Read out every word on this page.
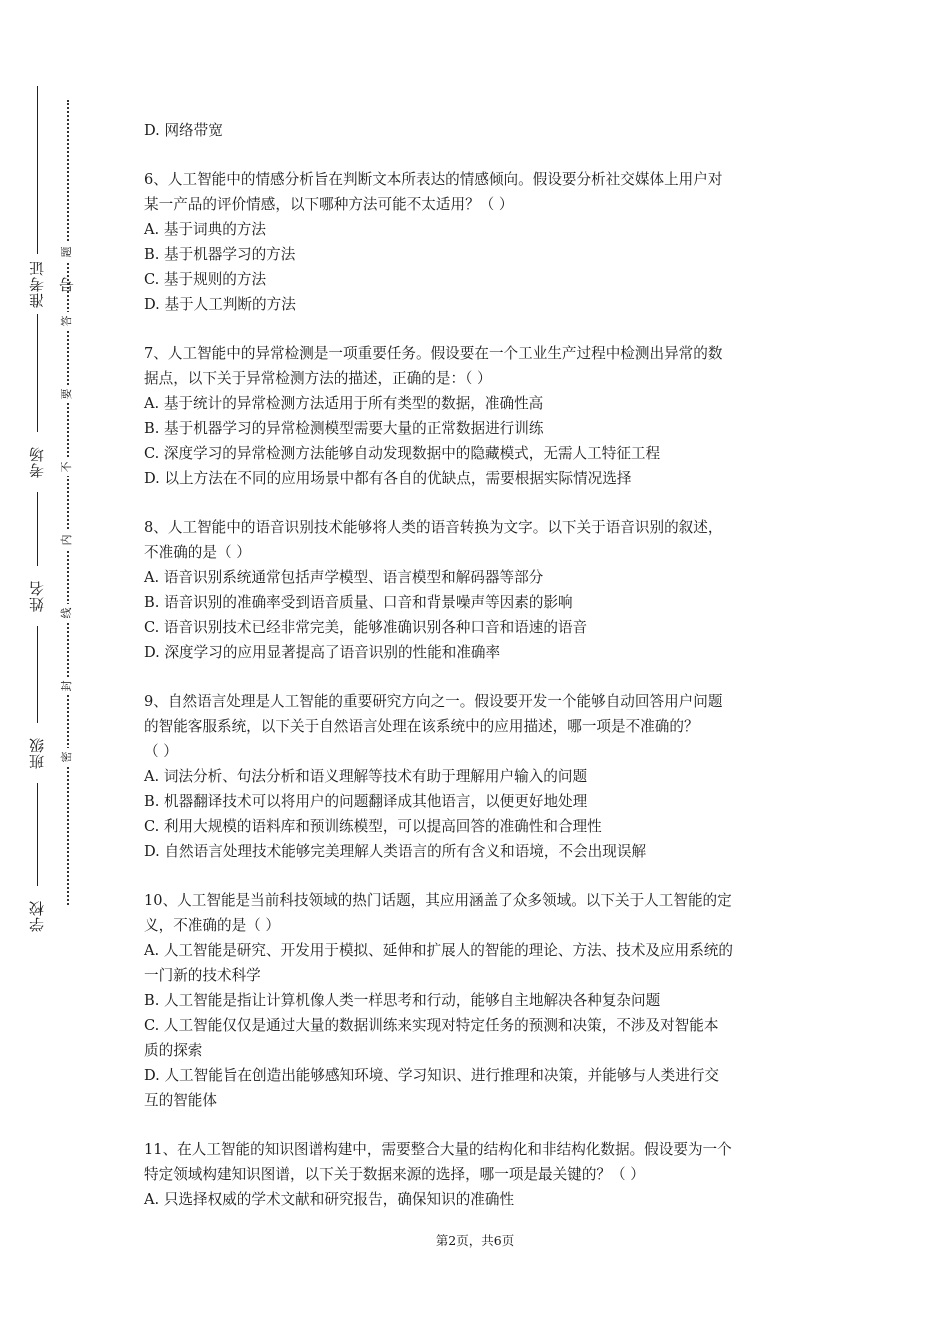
准考证号
考场
姓名
班级
学校
题
答
要
不
内
线
封
密
D. 网络带宽
6、人工智能中的情感分析旨在判断文本所表达的情感倾向。假设要分析社交媒体上用户对
某一产品的评价情感，以下哪种方法可能不太适用？（ ）
A. 基于词典的方法
B. 基于机器学习的方法
C. 基于规则的方法
D. 基于人工判断的方法
7、人工智能中的异常检测是一项重要任务。假设要在一个工业生产过程中检测出异常的数
据点，以下关于异常检测方法的描述，正确的是：（ ）
A. 基于统计的异常检测方法适用于所有类型的数据，准确性高
B. 基于机器学习的异常检测模型需要大量的正常数据进行训练
C. 深度学习的异常检测方法能够自动发现数据中的隐藏模式，无需人工特征工程
D. 以上方法在不同的应用场景中都有各自的优缺点，需要根据实际情况选择
8、人工智能中的语音识别技术能够将人类的语音转换为文字。以下关于语音识别的叙述，
不准确的是（ ）
A. 语音识别系统通常包括声学模型、语言模型和解码器等部分
B. 语音识别的准确率受到语音质量、口音和背景噪声等因素的影响
C. 语音识别技术已经非常完美，能够准确识别各种口音和语速的语音
D. 深度学习的应用显著提高了语音识别的性能和准确率
9、自然语言处理是人工智能的重要研究方向之一。假设要开发一个能够自动回答用户问题
的智能客服系统，以下关于自然语言处理在该系统中的应用描述，哪一项是不准确的？
（ ）
A. 词法分析、句法分析和语义理解等技术有助于理解用户输入的问题
B. 机器翻译技术可以将用户的问题翻译成其他语言，以便更好地处理
C. 利用大规模的语料库和预训练模型，可以提高回答的准确性和合理性
D. 自然语言处理技术能够完美理解人类语言的所有含义和语境，不会出现误解
10、人工智能是当前科技领域的热门话题，其应用涵盖了众多领域。以下关于人工智能的定
义，不准确的是（ ）
A. 人工智能是研究、开发用于模拟、延伸和扩展人的智能的理论、方法、技术及应用系统的
一门新的技术科学
B. 人工智能是指让计算机像人类一样思考和行动，能够自主地解决各种复杂问题
C. 人工智能仅仅是通过大量的数据训练来实现对特定任务的预测和决策，不涉及对智能本
质的探索
D. 人工智能旨在创造出能够感知环境、学习知识、进行推理和决策，并能够与人类进行交
互的智能体
11、在人工智能的知识图谱构建中，需要整合大量的结构化和非结构化数据。假设要为一个
特定领域构建知识图谱，以下关于数据来源的选择，哪一项是最关键的？（ ）
A. 只选择权威的学术文献和研究报告，确保知识的准确性
第2页，共6页
